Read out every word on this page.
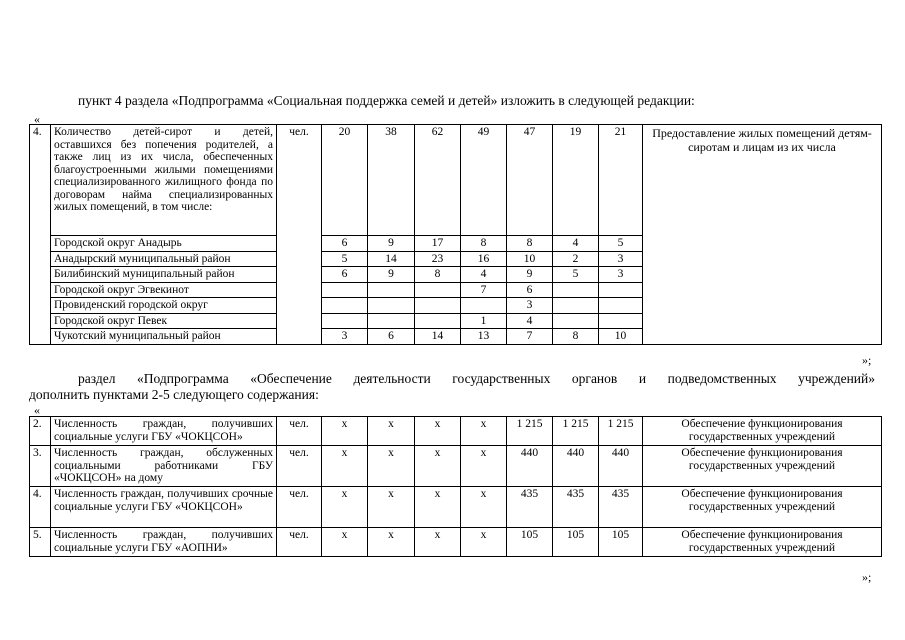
пункт 4 раздела «Подпрограмма «Социальная поддержка семей и детей» изложить в следующей редакции:
«
4.	Количество детей-сирот и детей, оставшихся без попечения родителей, а также лиц из их числа, обеспеченных благоустроенными жилыми помещениями специализированного жилищного фонда по договорам найма специализированных жилых помещений, в том числе:	чел.	20	38	62	49	47	19	21	Предоставление жилых помещений детям-сиротам и лицам из их числа
	Городской округ Анадырь		6	9	17	8	8	4	5	
	Анадырский муниципальный район		5	14	23	16	10	2	3	
	Билибинский муниципальный район		6	9	8	4	9	5	3	
	Городской округ Эгвекинот					7	6			
	Провиденский городской округ						3			
	Городской округ Певек					1	4			
	Чукотский муниципальный район		3	6	14	13	7	8	10	
»;
раздел «Подпрограмма «Обеспечение деятельности государственных органов и подведомственных учреждений»
дополнить пунктами 2-5 следующего содержания:
«
2.	Численность граждан, получивших социальные услуги ГБУ «ЧОКЦСОН»	чел.	х	х	х	х	1 215	1 215	1 215	Обеспечение функционирования государственных учреждений
3.	Численность граждан, обслуженных социальными работниками ГБУ «ЧОКЦСОН» на дому	чел.	х	х	х	х	440	440	440	Обеспечение функционирования государственных учреждений
4.	Численность граждан, получивших срочные социальные услуги ГБУ «ЧОКЦСОН»	чел.	х	х	х	х	435	435	435	Обеспечение функционирования государственных учреждений
5.	Численность граждан, получивших социальные услуги ГБУ «АОПНИ»	чел.	х	х	х	х	105	105	105	Обеспечение функционирования государственных учреждений
»;
